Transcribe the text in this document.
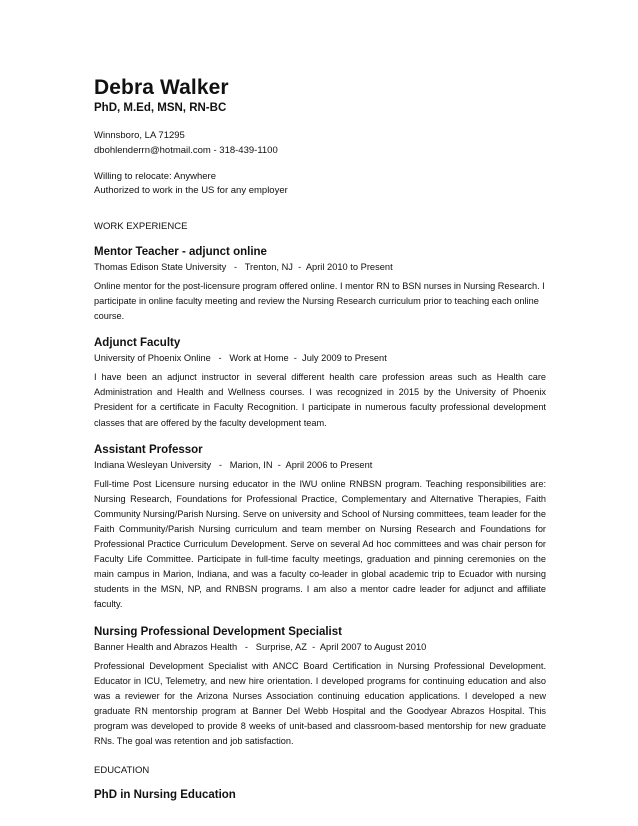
Debra Walker
PhD, M.Ed, MSN, RN-BC
Winnsboro, LA 71295
dbohlenderrn@hotmail.com - 318-439-1100
Willing to relocate: Anywhere
Authorized to work in the US for any employer
WORK EXPERIENCE
Mentor Teacher - adjunct online
Thomas Edison State University   -   Trenton, NJ  -  April 2010 to Present
Online mentor for the post-licensure program offered online. I mentor RN to BSN nurses in Nursing Research. I participate in online faculty meeting and review the Nursing Research curriculum prior to teaching each online course.
Adjunct Faculty
University of Phoenix Online   -   Work at Home  -  July 2009 to Present
I have been an adjunct instructor in several different health care profession areas such as Health care Administration and Health and Wellness courses. I was recognized in 2015 by the University of Phoenix President for a certificate in Faculty Recognition. I participate in numerous faculty professional development classes that are offered by the faculty development team.
Assistant Professor
Indiana Wesleyan University   -   Marion, IN  -  April 2006 to Present
Full-time Post Licensure nursing educator in the IWU online RNBSN program. Teaching responsibilities are: Nursing Research, Foundations for Professional Practice, Complementary and Alternative Therapies, Faith Community Nursing/Parish Nursing. Serve on university and School of Nursing committees, team leader for the Faith Community/Parish Nursing curriculum and team member on Nursing Research and Foundations for Professional Practice Curriculum Development. Serve on several Ad hoc committees and was chair person for Faculty Life Committee. Participate in full-time faculty meetings, graduation and pinning ceremonies on the main campus in Marion, Indiana, and was a faculty co-leader in global academic trip to Ecuador with nursing students in the MSN, NP, and RNBSN programs. I am also a mentor cadre leader for adjunct and affiliate faculty.
Nursing Professional Development Specialist
Banner Health and Abrazos Health   -   Surprise, AZ  -  April 2007 to August 2010
Professional Development Specialist with ANCC Board Certification in Nursing Professional Development. Educator in ICU, Telemetry, and new hire orientation. I developed programs for continuing education and also was a reviewer for the Arizona Nurses Association continuing education applications. I developed a new graduate RN mentorship program at Banner Del Webb Hospital and the Goodyear Abrazos Hospital. This program was developed to provide 8 weeks of unit-based and classroom-based mentorship for new graduate RNs. The goal was retention and job satisfaction.
EDUCATION
PhD in Nursing Education
